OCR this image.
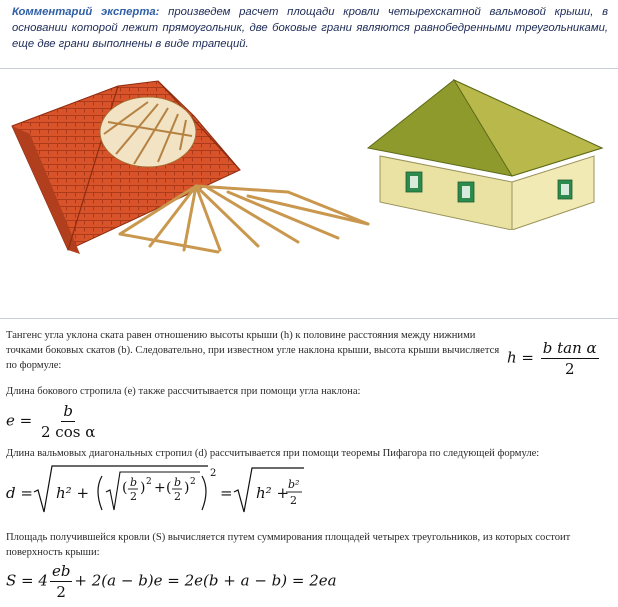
Комментарий эксперта: произведем расчет площади кровли четырехскатной вальмовой крыши, в основании которой лежит прямоугольник, две боковые грани являются равнобедренными треугольниками, еще две грани выполнены в виде трапеций.
Тангенс угла уклона ската равен отношению высоты крыши (h) к половине расстояния между нижними точками боковых скатов (b). Следовательно, при известном угле наклона крыши, высота крыши вычисляется по формуле:	$h = \frac{\text{b tan α}}{2}$
Длина бокового стропила (e) также рассчитывается при помощи угла наклона:
$e = \frac{b}{\text{2 cos α}}$
Длина вальмовых диагональных стропил (d) рассчитывается при помощи теоремы Пифагора по следующей формуле:
d = h² + ( b
2
) 2 + ( b
2
) 2
2
= h² +
b²
2
Площадь получившейся кровли (S) вычисляется путем суммирования площадей четырех треугольников, из которых состоит поверхность крыши:
$S = 4 \frac{eb}{2} + 2(a - b)e = 2e(b + a - b) = 2ea$
